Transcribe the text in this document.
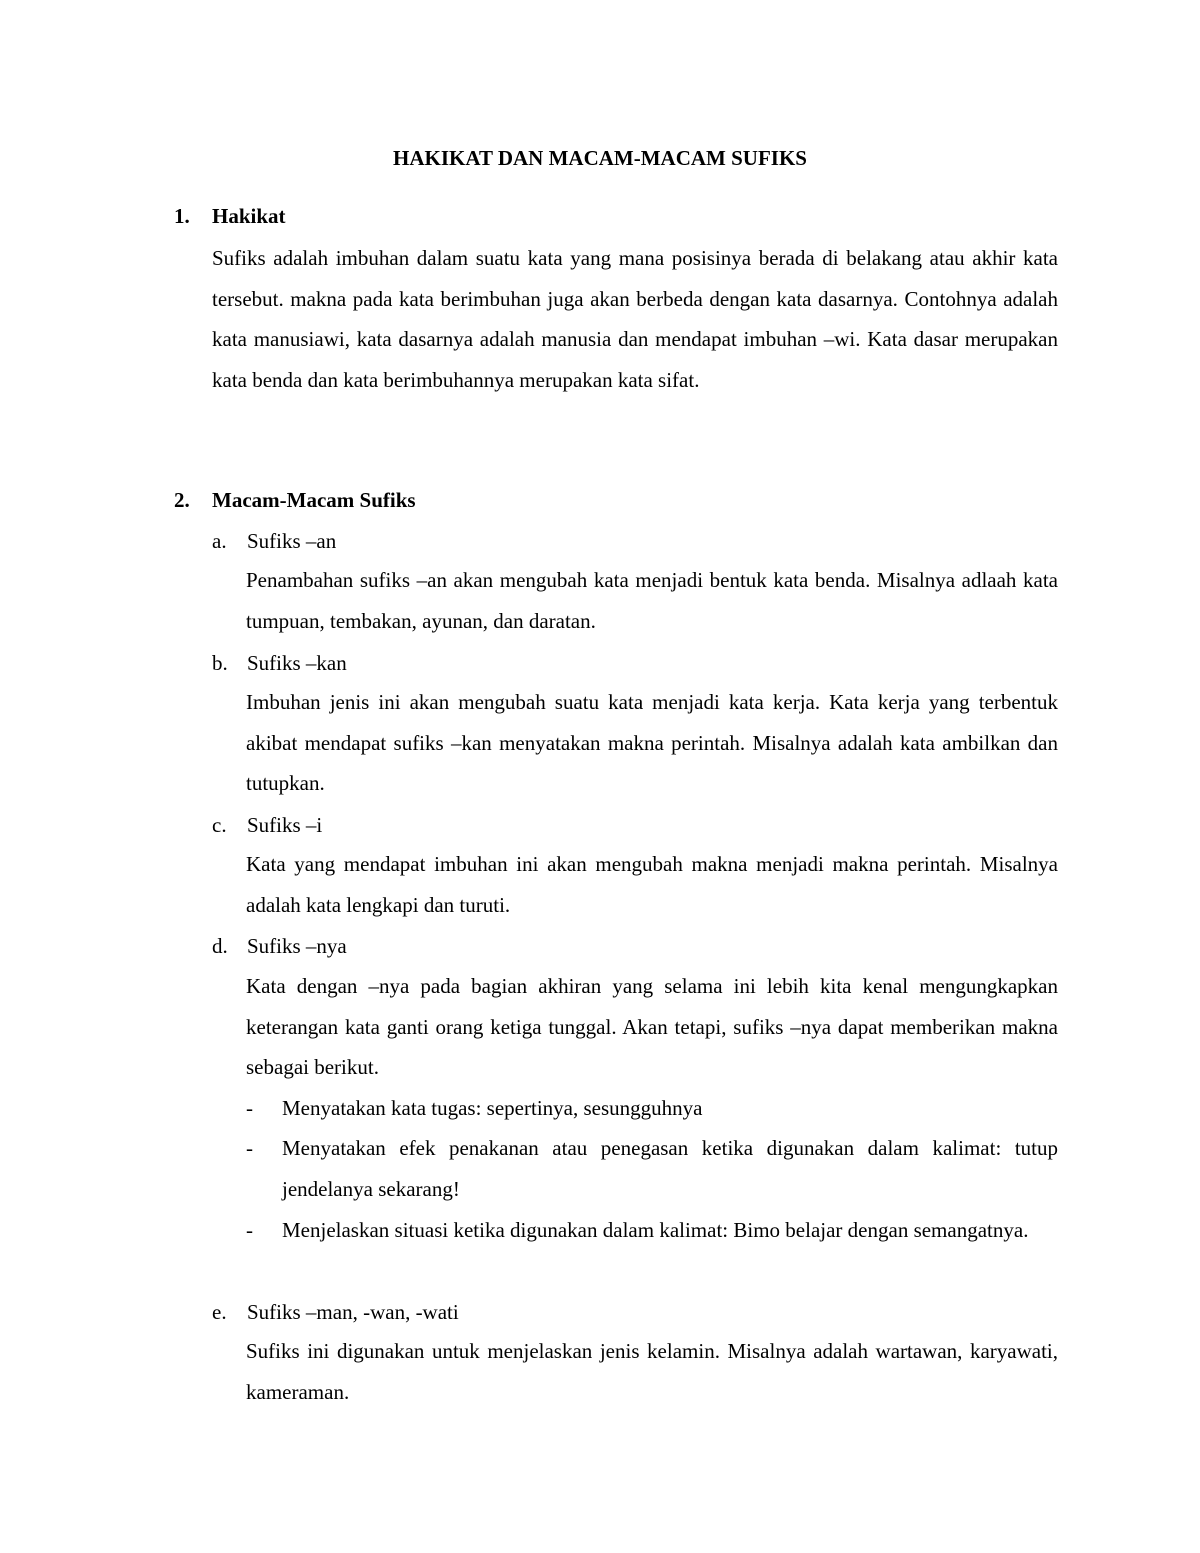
HAKIKAT DAN MACAM-MACAM SUFIKS
1. Hakikat

Sufiks adalah imbuhan dalam suatu kata yang mana posisinya berada di belakang atau akhir kata tersebut. makna pada kata berimbuhan juga akan berbeda dengan kata dasarnya. Contohnya adalah kata manusiawi, kata dasarnya adalah manusia dan mendapat imbuhan –wi. Kata dasar merupakan kata benda dan kata berimbuhannya merupakan kata sifat.

2. Macam-Macam Sufiks
a. Sufiks –an

Penambahan sufiks –an akan mengubah kata menjadi bentuk kata benda. Misalnya adlaah kata tumpuan, tembakan, ayunan, dan daratan.

b. Sufiks –kan

Imbuhan jenis ini akan mengubah suatu kata menjadi kata kerja. Kata kerja yang terbentuk akibat mendapat sufiks –kan menyatakan makna perintah. Misalnya adalah kata ambilkan dan tutupkan.

c. Sufiks –i

Kata yang mendapat imbuhan ini akan mengubah makna menjadi makna perintah. Misalnya adalah kata lengkapi dan turuti.

d. Sufiks –nya

Kata dengan –nya pada bagian akhiran yang selama ini lebih kita kenal mengungkapkan keterangan kata ganti orang ketiga tunggal. Akan tetapi, sufiks –nya dapat memberikan makna sebagai berikut.

- Menyatakan kata tugas: sepertinya, sesungguhnya
- Menyatakan efek penakanan atau penegasan ketika digunakan dalam kalimat: tutup jendelanya sekarang!
- Menjelaskan situasi ketika digunakan dalam kalimat: Bimo belajar dengan semangatnya.
e. Sufiks –man, -wan, -wati

Sufiks ini digunakan untuk menjelaskan jenis kelamin. Misalnya adalah wartawan, karyawati, kameraman.
